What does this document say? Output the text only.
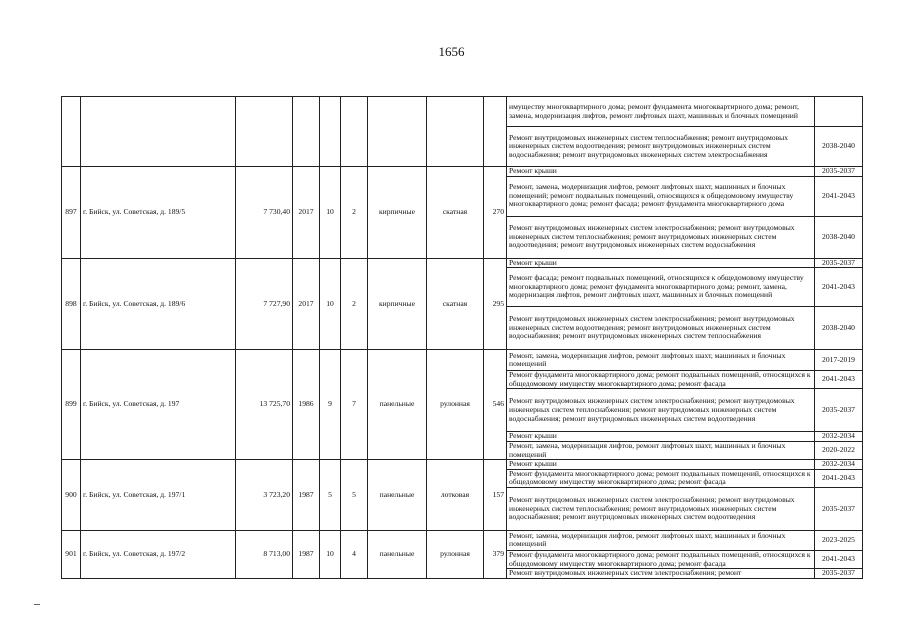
1656
									имуществу многоквартирного дома; ремонт фундамента многоквартирного дома; ремонт, замена, модернизация лифтов, ремонт лифтовых шахт, машинных и блочных помещений	
									Ремонт внутридомовых инженерных систем теплоснабжения; ремонт внутридомовых инженерных систем водоотведения; ремонт внутридомовых инженерных систем водоснабжения; ремонт внутридомовых инженерных систем электроснабжения	2038-2040
897	г. Бийск, ул. Советская, д. 189/5	7 730,40	2017	10	2	кирпичные	скатная	270	Ремонт крыши	2035-2037
									Ремонт, замена, модернизация лифтов, ремонт лифтовых шахт, машинных и блочных помещений; ремонт подвальных помещений, относящихся к общедомовому имуществу многоквартирного дома; ремонт фасада; ремонт фундамента многоквартирного дома	2041-2043
									Ремонт внутридомовых инженерных систем электроснабжения; ремонт внутридомовых инженерных систем теплоснабжения; ремонт внутридомовых инженерных систем водоотведения; ремонт внутридомовых инженерных систем водоснабжения	2038-2040
898	г. Бийск, ул. Советская, д. 189/6	7 727,90	2017	10	2	кирпичные	скатная	295	Ремонт крыши	2035-2037
									Ремонт фасада; ремонт подвальных помещений, относящихся к общедомовому имуществу многоквартирного дома; ремонт фундамента многоквартирного дома; ремонт, замена, модернизация лифтов, ремонт лифтовых шахт, машинных и блочных помещений	2041-2043
									Ремонт внутридомовых инженерных систем электроснабжения; ремонт внутридомовых инженерных систем водоотведения; ремонт внутридомовых инженерных систем водоснабжения; ремонт внутридомовых инженерных систем теплоснабжения	2038-2040
899	г. Бийск, ул. Советская, д. 197	13 725,70	1986	9	7	панельные	рулонная	546	Ремонт, замена, модернизация лифтов, ремонт лифтовых шахт, машинных и блочных помещений	2017-2019
									Ремонт фундамента многоквартирного дома; ремонт подвальных помещений, относящихся к общедомовому имуществу многоквартирного дома; ремонт фасада	2041-2043
									Ремонт внутридомовых инженерных систем электроснабжения; ремонт внутридомовых инженерных систем теплоснабжения; ремонт внутридомовых инженерных систем водоснабжения; ремонт внутридомовых инженерных систем водоотведения	2035-2037
									Ремонт крыши	2032-2034
									Ремонт, замена, модернизация лифтов, ремонт лифтовых шахт, машинных и блочных помещений	2020-2022
900	г. Бийск, ул. Советская, д. 197/1	3 723,20	1987	5	5	панельные	лотковая	157	Ремонт крыши	2032-2034
									Ремонт фундамента многоквартирного дома; ремонт подвальных помещений, относящихся к общедомовому имуществу многоквартирного дома; ремонт фасада	2041-2043
									Ремонт внутридомовых инженерных систем электроснабжения; ремонт внутридомовых инженерных систем теплоснабжения; ремонт внутридомовых инженерных систем водоснабжения; ремонт внутридомовых инженерных систем водоотведения	2035-2037
901	г. Бийск, ул. Советская, д. 197/2	8 713,00	1987	10	4	панельные	рулонная	379	Ремонт, замена, модернизация лифтов, ремонт лифтовых шахт, машинных и блочных помещений	2023-2025
									Ремонт фундамента многоквартирного дома; ремонт подвальных помещений, относящихся к общедомовому имуществу многоквартирного дома; ремонт фасада	2041-2043
									Ремонт внутридомовых инженерных систем электроснабжения; ремонт	2035-2037
